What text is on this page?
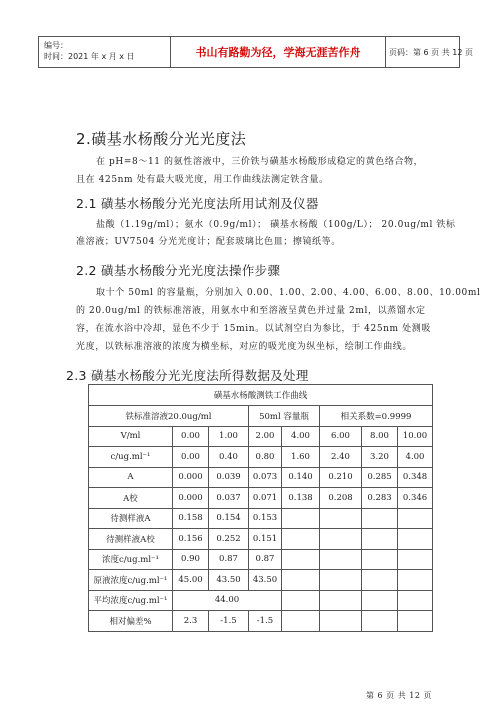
编号：
时间：2021 年 x 月 x 日	书山有路勤为径，学海无涯苦作舟	页码：第 6 页 共 12 页
2.磺基水杨酸分光光度法
在 pH=8～11 的氨性溶液中，三价铁与磺基水杨酸形成稳定的黄色络合物，
且在 425nm 处有最大吸光度，用工作曲线法测定铁含量。
2.1 磺基水杨酸分光光度法所用试剂及仪器
盐酸（1.19g/ml）；氨水（0.9g/ml）； 磺基水杨酸（100g/L）； 20.0ug/ml 铁标
准溶液；UV7504 分光光度计；配套玻璃比色皿；擦镜纸等。
2.2 磺基水杨酸分光光度法操作步骤
取十个 50ml 的容量瓶，分别加入 0.00、1.00、2.00、4.00、6.00、8.00、10.00ml
的 20.0ug/ml 的铁标准溶液，用氨水中和至溶液呈黄色并过量 2ml，以蒸馏水定
容，在流水浴中冷却，显色不少于 15min。以试剂空白为参比，于 425nm 处测吸
光度，以铁标准溶液的浓度为横坐标，对应的吸光度为纵坐标，绘制工作曲线。
2.3 磺基水杨酸分光光度法所得数据及处理
磺基水杨酸测铁工作曲线							
铁标准溶液20.0ug/ml			50ml 容量瓶		相关系数=0.9999		
V/ml	0.00	1.00	2.00	4.00	6.00	8.00	10.00
c/ug.ml⁻¹	0.00	0.40	0.80	1.60	2.40	3.20	4.00
A	0.000	0.039	0.073	0.140	0.210	0.285	0.348
A校	0.000	0.037	0.071	0.138	0.208	0.283	0.346
待测样液A	0.158	0.154	0.153				
待测样液A校	0.156	0.252	0.151				
浓度c/ug.ml⁻¹	0.90	0.87	0.87				
原液浓度c/ug.ml⁻¹	45.00	43.50	43.50				
平均浓度c/ug.ml⁻¹	44.00						
相对偏差%	2.3	-1.5	-1.5				
第 6 页 共 12 页
